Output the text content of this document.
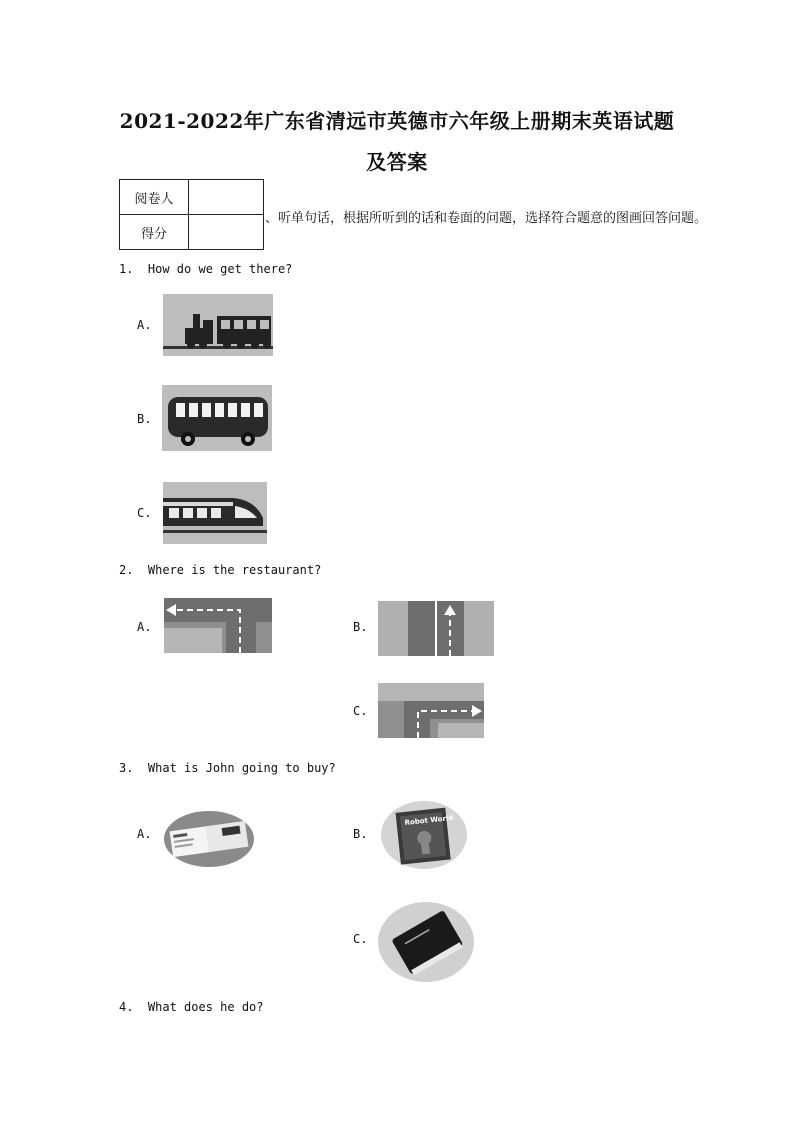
2021-2022年广东省清远市英德市六年级上册期末英语试题
及答案
阅卷人	
得分	
、听单句话，根据所听到的话和卷面的问题，选择符合题意的图画回答问题。
1. How do we get there?
A.
B.
C.
2. Where is the restaurant?
A.	B.
C.
3. What is John going to buy?
A.	B.
Robot World
C.
4. What does he do?
